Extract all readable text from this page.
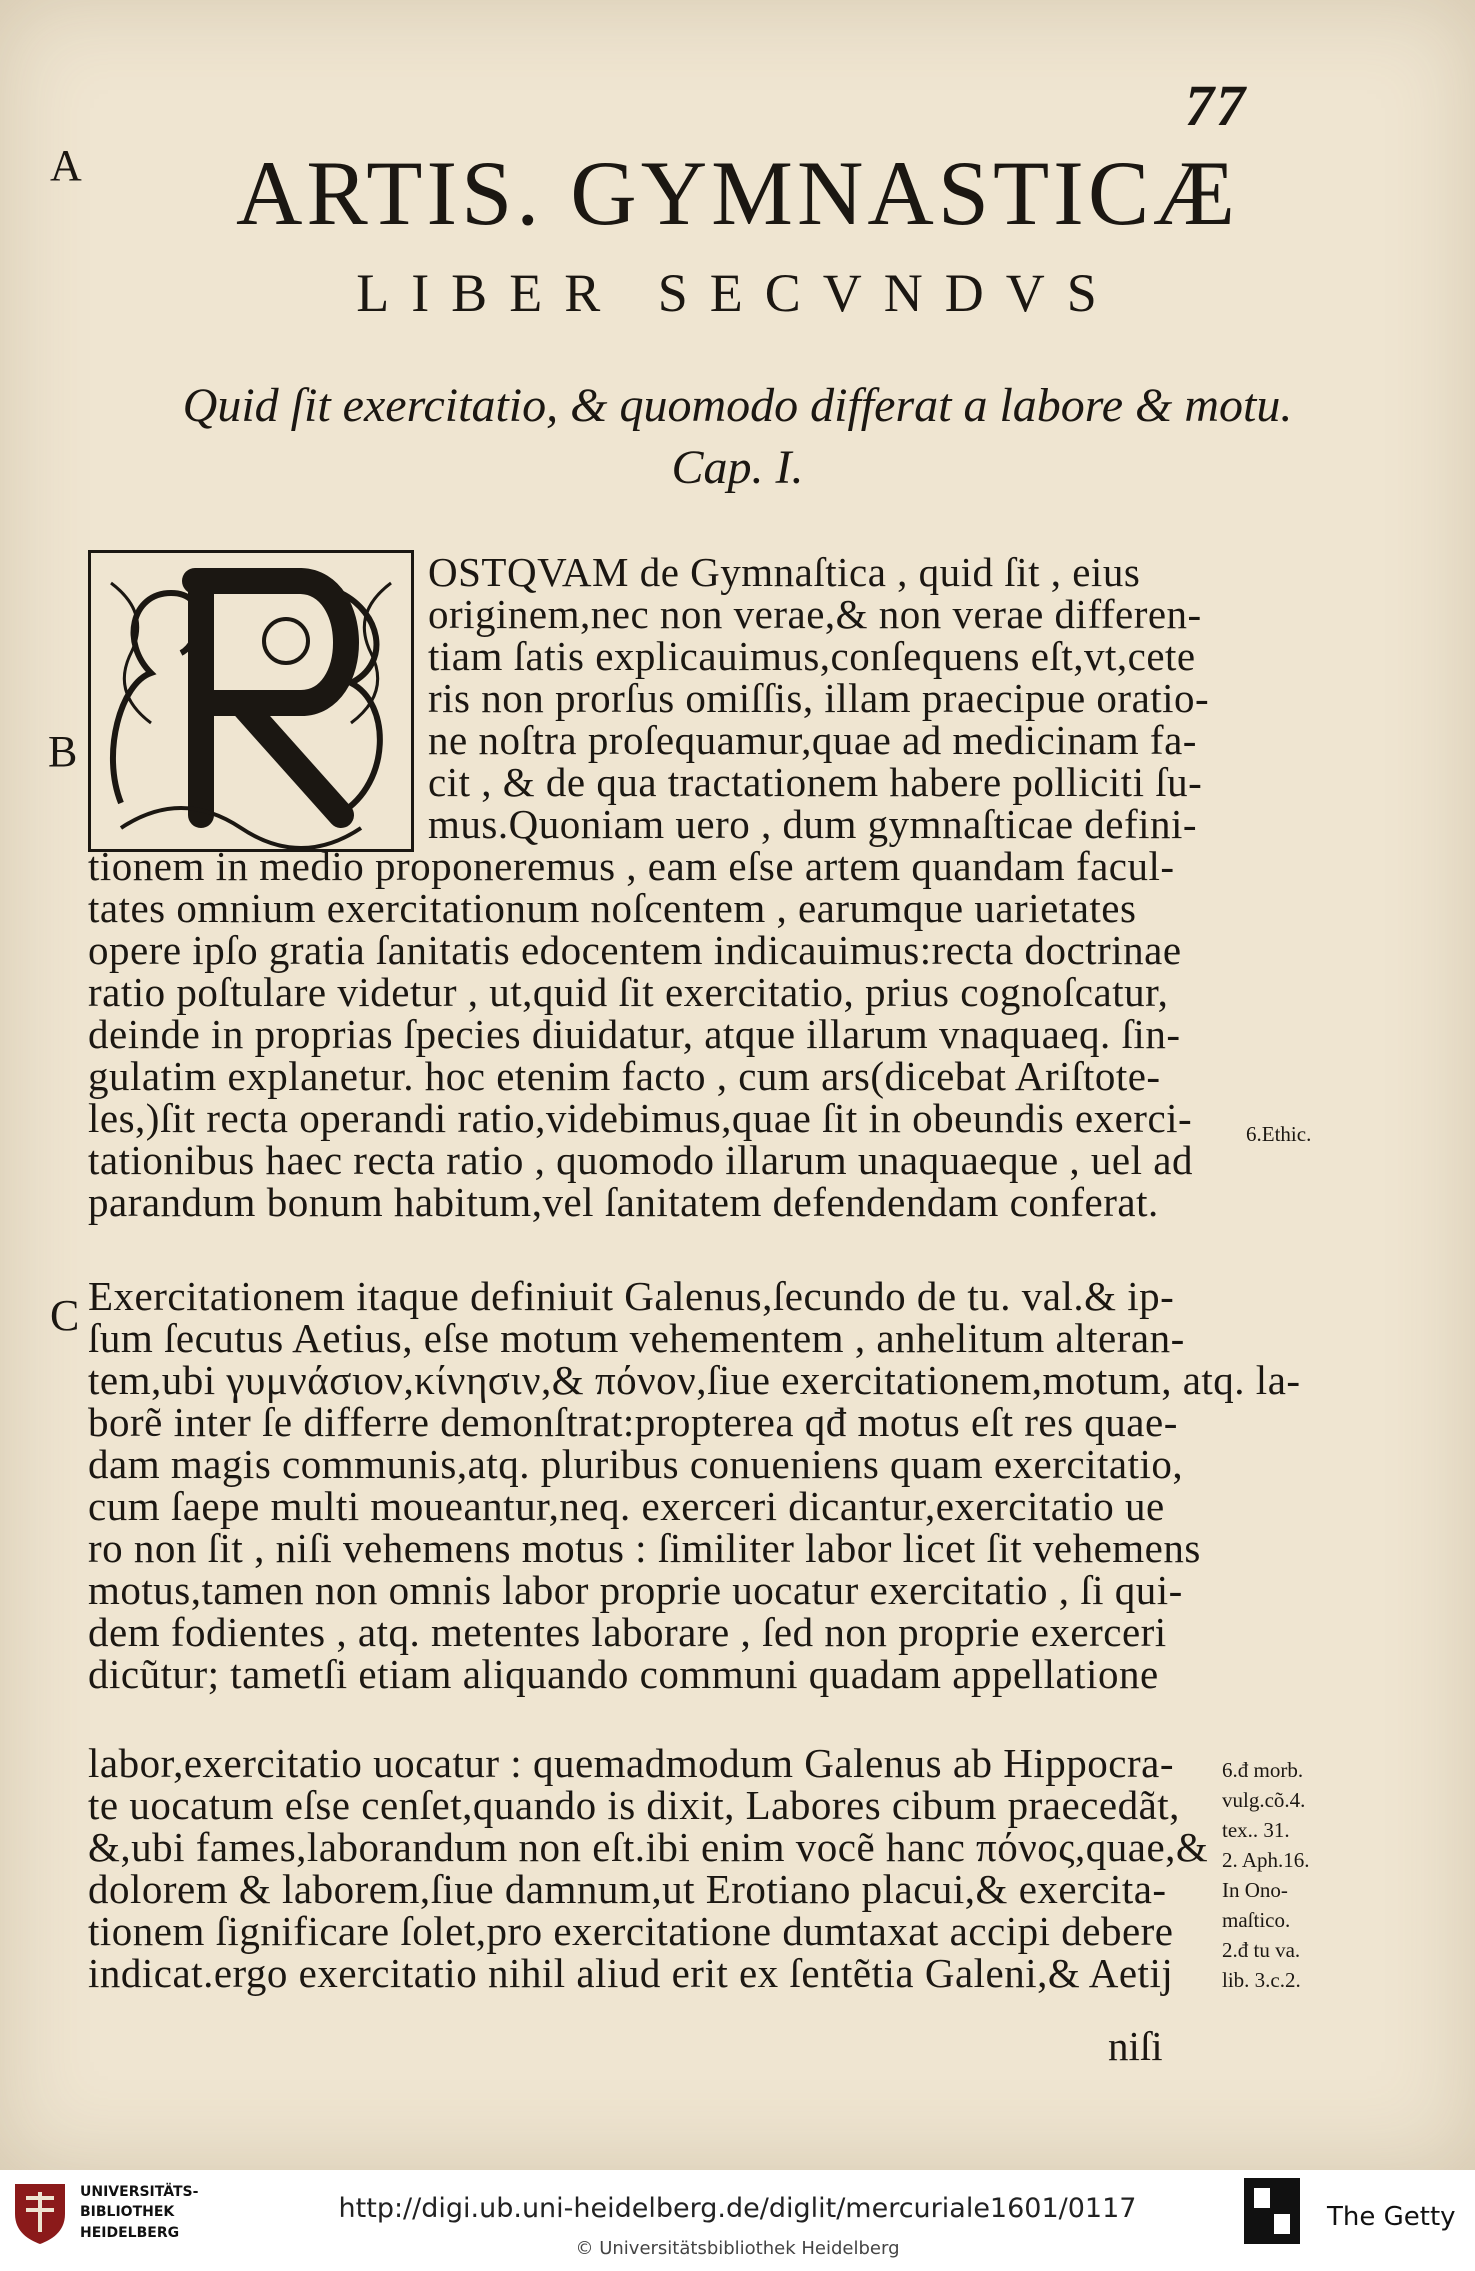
77
A
B
C
ARTIS. GYMNASTICÆ
LIBER SECVNDVS
Quid ſit exercitatio, & quomodo differat a labore & motu.
Cap. I.
OSTQVAM de Gymnaſtica , quid ſit , eius
originem,nec non verae,& non verae differen-
tiam ſatis explicauimus,conſequens eſt,vt,cete
ris non prorſus omiſſis, illam praecipue oratio-
ne noſtra proſequamur,quae ad medicinam fa-
cit , & de qua tractationem habere polliciti ſu-
mus.Quoniam uero , dum gymnaſticae defini-
tionem in medio proponeremus , eam eſse artem quandam facul-
tates omnium exercitationum noſcentem , earumque uarietates
opere ipſo gratia ſanitatis edocentem indicauimus:recta doctrinae
ratio poſtulare videtur , ut,quid ſit exercitatio, prius cognoſcatur,
deinde in proprias ſpecies diuidatur, atque illarum vnaquaeq. ſin-
gulatim explanetur. hoc etenim facto , cum ars(dicebat Ariſtote-
les,)ſit recta operandi ratio,videbimus,quae ſit in obeundis exerci-
tationibus haec recta ratio , quomodo illarum unaquaeque , uel ad
parandum bonum habitum,vel ſanitatem defendendam conferat.
Exercitationem itaque definiuit Galenus,ſecundo de tu. val.& ip-
ſum ſecutus Aetius, eſse motum vehementem , anhelitum alteran-
tem,ubi γυμνάσιον,κίνησιν,& πόνον,ſiue exercitationem,motum, atq. la-
borẽ inter ſe differre demonſtrat:propterea qđ motus eſt res quae-
dam magis communis,atq. pluribus conueniens quam exercitatio,
cum ſaepe multi moueantur,neq. exerceri dicantur,exercitatio ue
ro non ſit , niſi vehemens motus : ſimiliter labor licet ſit vehemens
motus,tamen non omnis labor proprie uocatur exercitatio , ſi qui-
dem fodientes , atq. metentes laborare , ſed non proprie exerceri
dicũtur; tametſi etiam aliquando communi quadam appellatione
labor,exercitatio uocatur : quemadmodum Galenus ab Hippocra-
te uocatum eſse cenſet,quando is dixit, Labores cibum praecedãt,
&,ubi fames,laborandum non eſt.ibi enim vocẽ hanc πόνος,quae,&
dolorem & laborem,ſiue damnum,ut Erotiano placui,& exercita-
tionem ſignificare ſolet,pro exercitatione dumtaxat accipi debere
indicat.ergo exercitatio nihil aliud erit ex ſentẽtia Galeni,& Aetij
niſi
6.Ethic.
6.đ morb.
vulg.cõ.4.
tex.. 31.
2. Aph.16.
In Ono-
maſtico.
2.đ tu va.
lib. 3.c.2.
UNIVERSITÄTS-
BIBLIOTHEK
HEIDELBERG
http://digi.ub.uni-heidelberg.de/diglit/mercuriale1601/0117
© Universitätsbibliothek Heidelberg
The Getty
